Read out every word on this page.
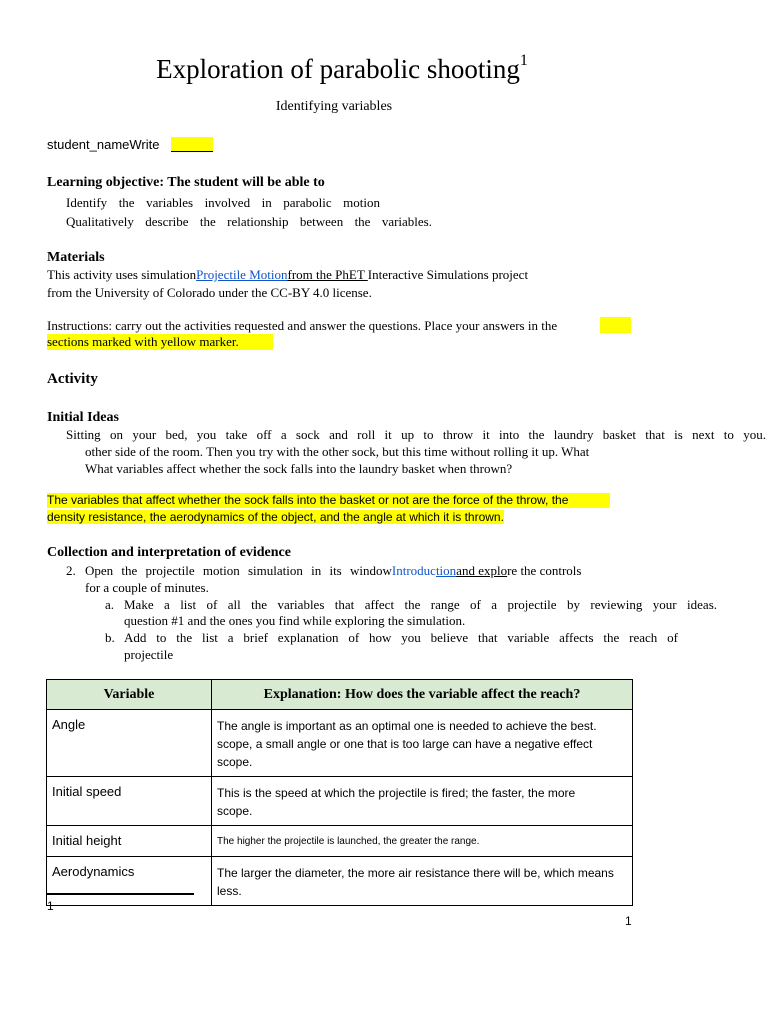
Exploration of parabolic shooting$^1$

Identifying variables

student_nameWrite

Learning objective: The student will be able to

Identify the variables involved in parabolic motion

Qualitatively describe the relationship between the variables.

Materials

This activity uses simulationProjectile Motionfrom the PhET Interactive Simulations project

from the University of Colorado under the CC-BY 4.0 license.

Instructions: carry out the activities requested and answer the questions. Place your answers in the

sections marked with yellow marker.

Activity

Initial Ideas

Sitting on your bed, you take off a sock and roll it up to throw it into the laundry basket that is next to you.

other side of the room. Then you try with the other sock, but this time without rolling it up. What

What variables affect whether the sock falls into the laundry basket when thrown?

The variables that affect whether the sock falls into the basket or not are the force of the throw, the

density resistance, the aerodynamics of the object, and the angle at which it is thrown.

Collection and interpretation of evidence

2. Open the projectile motion simulation in its windowIntroductionand explore the controls

for a couple of minutes.

a. Make a list of all the variables that affect the range of a projectile by reviewing your ideas.

question #1 and the ones you find while exploring the simulation.

b. Add to the list a brief explanation of how you believe that variable affects the reach of

projectile

Variable	Explanation: How does the variable affect the reach?
Angle	The angle is important as an optimal one is needed to achieve the best.
scope, a small angle or one that is too large can have a negative effect
scope.

Initial speed	This is the speed at which the projectile is fired; the faster, the more
scope.

Initial height	The higher the projectile is launched, the greater the range.

Aerodynamics	The larger the diameter, the more air resistance there will be, which means less.
1
1
